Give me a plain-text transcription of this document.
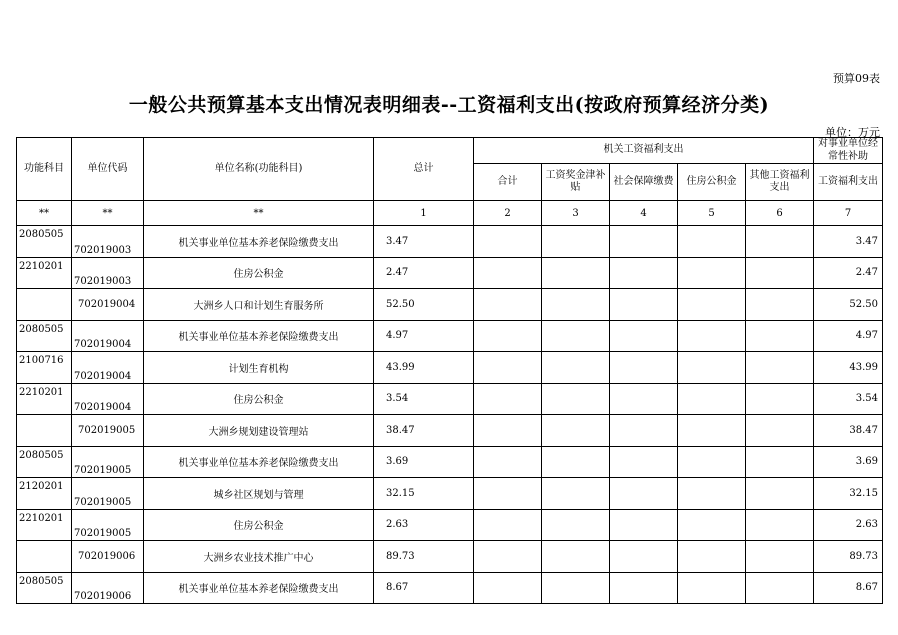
预算09表
一般公共预算基本支出情况表明细表--工资福利支出(按政府预算经济分类)
单位：万元
功能科目	单位代码	单位名称(功能科目)	总计	机关工资福利支出					对事业单位经常性补助
				合计	工资奖金津补贴	社会保障缴费	住房公积金	其他工资福利支出	工资福利支出
**	**	**	1	2	3	4	5	6	7
2080505	702019003	机关事业单位基本养老保险缴费支出	3.47						3.47
2210201	702019003	住房公积金	2.47						2.47
	702019004	大洲乡人口和计划生育服务所	52.50						52.50
2080505	702019004	机关事业单位基本养老保险缴费支出	4.97						4.97
2100716	702019004	计划生育机构	43.99						43.99
2210201	702019004	住房公积金	3.54						3.54
	702019005	大洲乡规划建设管理站	38.47						38.47
2080505	702019005	机关事业单位基本养老保险缴费支出	3.69						3.69
2120201	702019005	城乡社区规划与管理	32.15						32.15
2210201	702019005	住房公积金	2.63						2.63
	702019006	大洲乡农业技术推广中心	89.73						89.73
2080505	702019006	机关事业单位基本养老保险缴费支出	8.67						8.67
